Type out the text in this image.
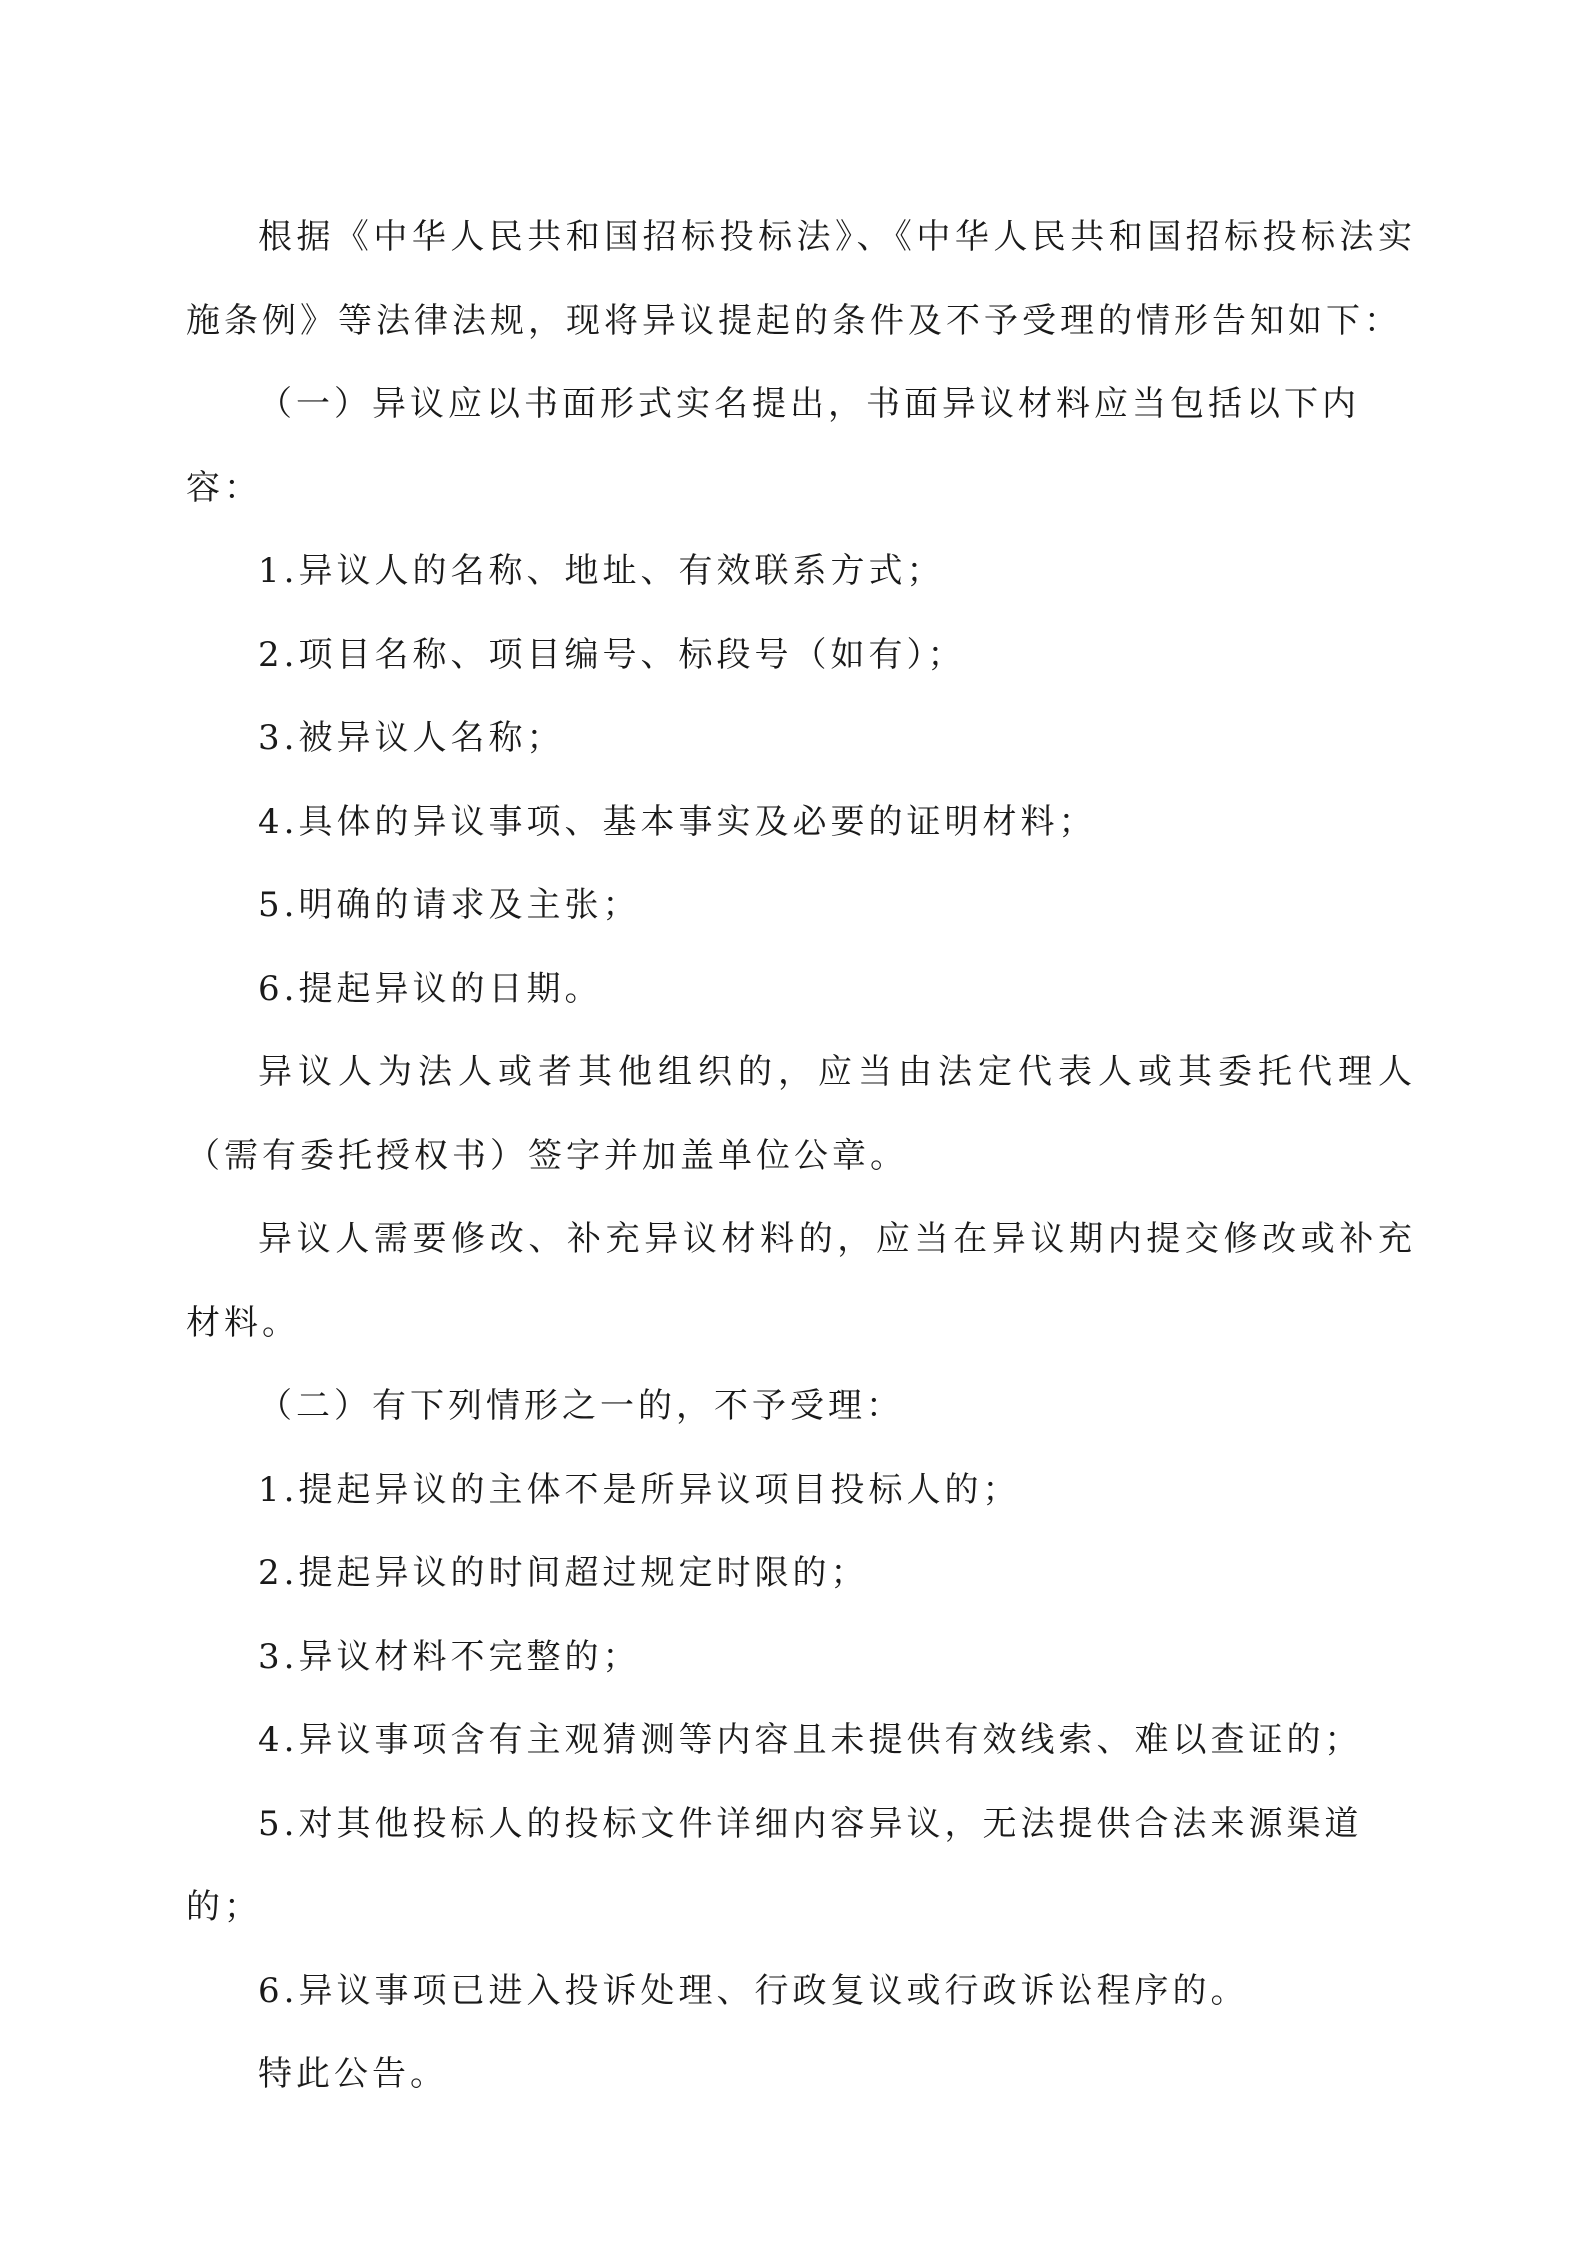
根据《中华人民共和国招标投标法》、《中华人民共和国招标投标法实施条例》等法律法规，现将异议提起的条件及不予受理的情形告知如下：

（一）异议应以书面形式实名提出，书面异议材料应当包括以下内容：

1.异议人的名称、地址、有效联系方式；

2.项目名称、项目编号、标段号（如有）；

3.被异议人名称；

4.具体的异议事项、基本事实及必要的证明材料；

5.明确的请求及主张；

6.提起异议的日期。

异议人为法人或者其他组织的，应当由法定代表人或其委托代理人（需有委托授权书）签字并加盖单位公章。

异议人需要修改、补充异议材料的，应当在异议期内提交修改或补充材料。

（二）有下列情形之一的，不予受理：

1.提起异议的主体不是所异议项目投标人的；

2.提起异议的时间超过规定时限的；

3.异议材料不完整的；

4.异议事项含有主观猜测等内容且未提供有效线索、难以查证的；

5.对其他投标人的投标文件详细内容异议，无法提供合法来源渠道的；

6.异议事项已进入投诉处理、行政复议或行政诉讼程序的。

特此公告。
